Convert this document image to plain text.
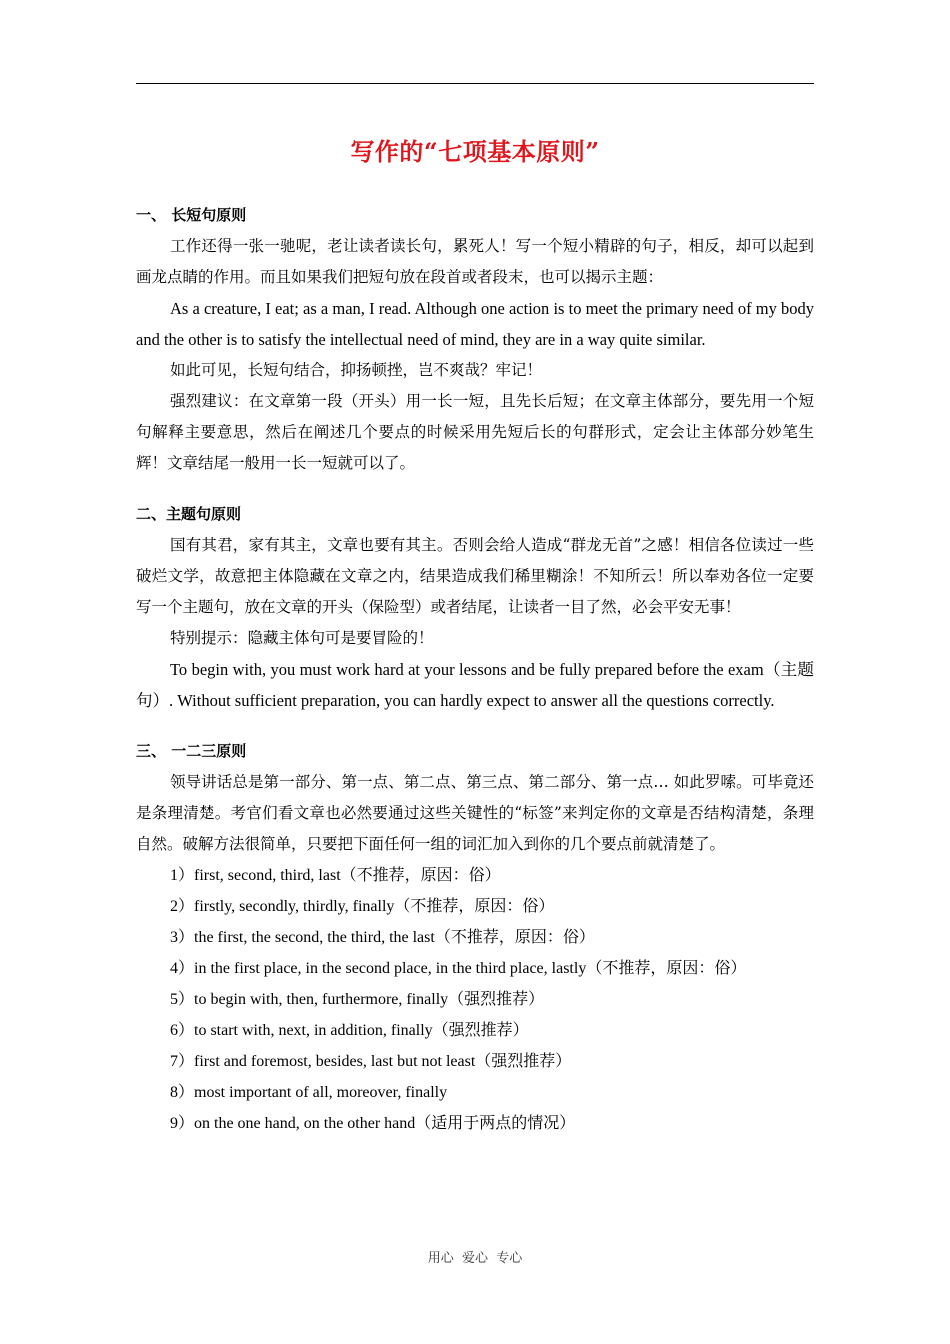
写作的“七项基本原则”

一、 长短句原则

工作还得一张一驰呢，老让读者读长句，累死人！写一个短小精辟的句子，相反，却可以起到画龙点睛的作用。而且如果我们把短句放在段首或者段末，也可以揭示主题：

As a creature, I eat; as a man, I read. Although one action is to meet the primary need of my body and the other is to satisfy the intellectual need of mind, they are in a way quite similar.

如此可见，长短句结合，抑扬顿挫，岂不爽哉？牢记！

强烈建议：在文章第一段（开头）用一长一短，且先长后短；在文章主体部分，要先用一个短句解释主要意思，然后在阐述几个要点的时候采用先短后长的句群形式，定会让主体部分妙笔生辉！文章结尾一般用一长一短就可以了。

二、主题句原则

国有其君，家有其主，文章也要有其主。否则会给人造成“群龙无首”之感！相信各位读过一些破烂文学，故意把主体隐藏在文章之内，结果造成我们稀里糊涂！不知所云！所以奉劝各位一定要写一个主题句，放在文章的开头（保险型）或者结尾，让读者一目了然，必会平安无事！

特别提示：隐藏主体句可是要冒险的！

To begin with, you must work hard at your lessons and be fully prepared before the exam（主题句）. Without sufficient preparation, you can hardly expect to answer all the questions correctly.

三、 一二三原则

领导讲话总是第一部分、第一点、第二点、第三点、第二部分、第一点… 如此罗嗦。可毕竟还是条理清楚。考官们看文章也必然要通过这些关键性的“标签”来判定你的文章是否结构清楚，条理自然。破解方法很简单，只要把下面任何一组的词汇加入到你的几个要点前就清楚了。

1）first, second, third, last（不推荐，原因：俗）

2）firstly, secondly, thirdly, finally（不推荐，原因：俗）

3）the first, the second, the third, the last（不推荐，原因：俗）

4）in the first place, in the second place, in the third place, lastly（不推荐，原因：俗）

5）to begin with, then, furthermore, finally（强烈推荐）

6）to start with, next, in addition, finally（强烈推荐）

7）first and foremost, besides, last but not least（强烈推荐）

8）most important of all, moreover, finally

9）on the one hand, on the other hand（适用于两点的情况）

用心  爱心  专心
